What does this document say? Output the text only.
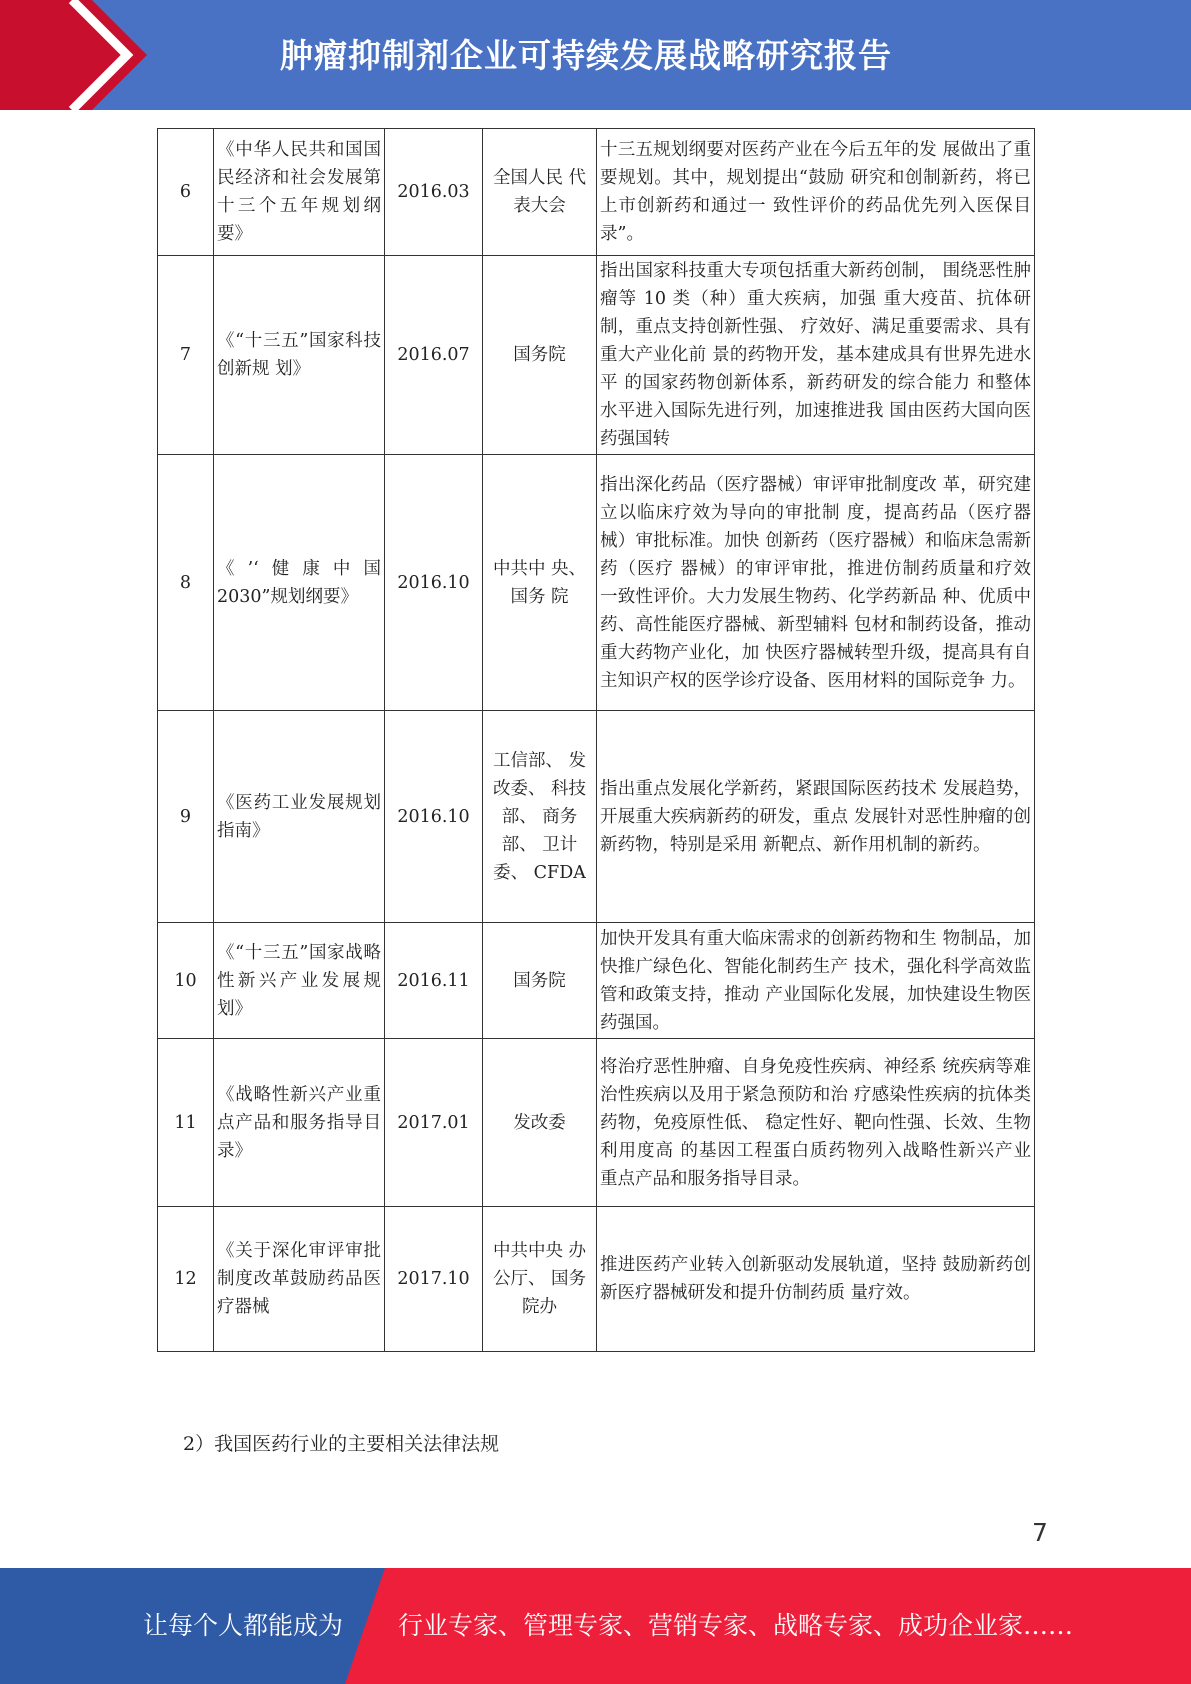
肿瘤抑制剂企业可持续发展战略研究报告
6	《中华人民共和国国民经济和社会发展第十三个五年规划纲要》	2016.03	全国人民 代表大会	十三五规划纲要对医药产业在今后五年的发 展做出了重要规划。其中，规划提出“鼓励 研究和创制新药，将已上市创新药和通过一 致性评价的药品优先列入医保目录”。
7	《“十三五”国家科技创新规 划》	2016.07	国务院	指出国家科技重大专项包括重大新药创制， 围绕恶性肿瘤等 10 类（种）重大疾病，加强 重大疫苗、抗体研制，重点支持创新性强、 疗效好、满足重要需求、具有重大产业化前 景的药物开发，基本建成具有世界先进水平 的国家药物创新体系，新药研发的综合能力 和整体水平进入国际先进行列，加速推进我 国由医药大国向医药强国转
8	《’‘健康中国2030”规划纲要》	2016.10	中共中 央、 国务 院	指出深化药品（医疗器械）审评审批制度改 革，研究建立以临床疗效为导向的审批制 度，提髙药品（医疗器械）审批标准。加快 创新药（医疗器械）和临床急需新药（医疗 器械）的审评审批，推进仿制药质量和疗效 一致性评价。大力发展生物药、化学药新品 种、优质中药、高性能医疗器械、新型辅料 包材和制药设备，推动重大药物产业化，加 快医疗器械转型升级，提高具有自主知识产权的医学诊疗设备、医用材料的国际竞争 力。
9	《医药工业发展规划指南》	2016.10	工信部、 发改委、 科技部、 商务部、 卫计委、 CFDA	指出重点发展化学新药，紧跟国际医药技术 发展趋势，开展重大疾病新药的研发，重点 发展针对恶性肿瘤的创新药物，特别是采用 新靶点、新作用机制的新药。
10	《“十三五”国家战略性新兴产业发展规划》	2016.11	国务院	加快开发具有重大临床需求的创新药物和生 物制品，加快推广绿色化、智能化制药生产 技术，强化科学高效监管和政策支持，推动 产业国际化发展，加快建设生物医药强国。
11	《战略性新兴产业重点产品和服务指导目录》	2017.01	发改委	将治疗恶性肿瘤、自身免疫性疾病、神经系 统疾病等难治性疾病以及用于紧急预防和治 疗感染性疾病的抗体类药物，免疫原性低、 稳定性好、靶向性强、长效、生物利用度高 的基因工程蛋白质药物列入战略性新兴产业 重点产品和服务指导目录。
12	《关于深化审评审批制度改革鼓励药品医疗器械	2017.10	中共中央 办公厅、 国务院办	推进医药产业转入创新驱动发展轨道，坚持 鼓励新药创新医疗器械研发和提升仿制药质 量疗效。
2）我国医药行业的主要相关法律法规
7
让每个人都能成为 行业专家、管理专家、营销专家、战略专家、成功企业家……
